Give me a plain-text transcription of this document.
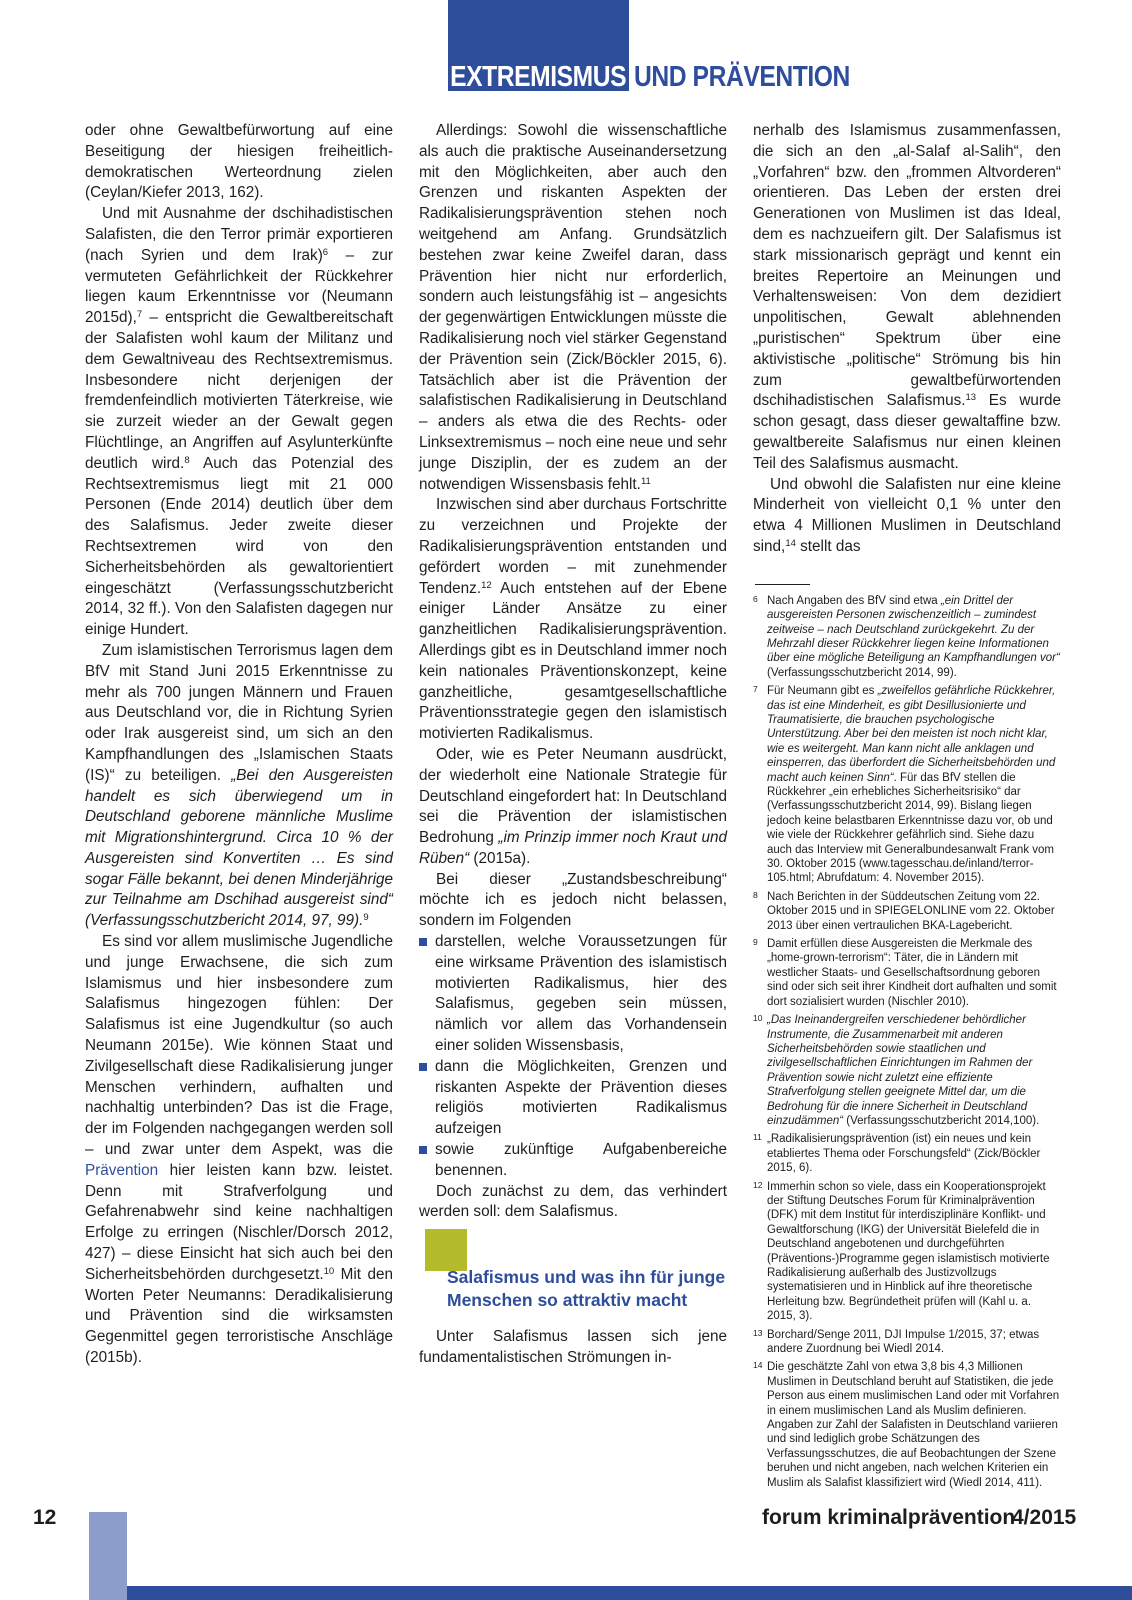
EXTREMISMUS UND PRÄVENTION

oder ohne Gewaltbefürwortung auf eine Beseitigung der hiesigen freiheitlich-demokratischen Werteordnung zielen (Ceylan/Kiefer 2013, 162).

Und mit Ausnahme der dschihadistischen Salafisten, die den Terror primär exportieren (nach Syrien und dem Irak)$^6$ – zur vermuteten Gefährlichkeit der Rückkehrer liegen kaum Erkenntnisse vor (Neumann 2015d),$^7$ – entspricht die Gewaltbereitschaft der Salafisten wohl kaum der Militanz und dem Gewaltniveau des Rechtsextremismus. Insbesondere nicht derjenigen der fremdenfeindlich motivierten Täterkreise, wie sie zurzeit wieder an der Gewalt gegen Flüchtlinge, an Angriffen auf Asylunterkünfte deutlich wird.$^8$ Auch das Potenzial des Rechtsextremismus liegt mit 21 000 Personen (Ende 2014) deutlich über dem des Salafismus. Jeder zweite dieser Rechtsextremen wird von den Sicherheitsbehörden als gewaltorientiert eingeschätzt (Verfassungsschutzbericht 2014, 32 ff.). Von den Salafisten dagegen nur einige Hundert.

Zum islamistischen Terrorismus lagen dem BfV mit Stand Juni 2015 Erkenntnisse zu mehr als 700 jungen Männern und Frauen aus Deutschland vor, die in Richtung Syrien oder Irak ausgereist sind, um sich an den Kampfhandlungen des „Islamischen Staats (IS)“ zu beteiligen. „Bei den Ausgereisten handelt es sich überwiegend um in Deutschland geborene männliche Muslime mit Migrationshintergrund. Circa 10 % der Ausgereisten sind Konvertiten … Es sind sogar Fälle bekannt, bei denen Minderjährige zur Teilnahme am Dschihad ausgereist sind“ (Verfassungsschutzbericht 2014, 97, 99).$^9$

Es sind vor allem muslimische Jugendliche und junge Erwachsene, die sich zum Islamismus und hier insbesondere zum Salafismus hingezogen fühlen: Der Salafismus ist eine Jugendkultur (so auch Neumann 2015e). Wie können Staat und Zivilgesellschaft diese Radikalisierung junger Menschen verhindern, aufhalten und nachhaltig unterbinden? Das ist die Frage, der im Folgenden nachgegangen werden soll – und zwar unter dem Aspekt, was die Prävention hier leisten kann bzw. leistet. Denn mit Strafverfolgung und Gefahrenabwehr sind keine nachhaltigen Erfolge zu erringen (Nischler/Dorsch 2012, 427) – diese Einsicht hat sich auch bei den Sicherheitsbehörden durchgesetzt.$^{10}$ Mit den Worten Peter Neumanns: Deradikalisierung und Prävention sind die wirksamsten Gegenmittel gegen terroristische Anschläge (2015b).

Allerdings: Sowohl die wissenschaftliche als auch die praktische Auseinandersetzung mit den Möglichkeiten, aber auch den Grenzen und riskanten Aspekten der Radikalisierungsprävention stehen noch weitgehend am Anfang. Grundsätzlich bestehen zwar keine Zweifel daran, dass Prävention hier nicht nur erforderlich, sondern auch leistungsfähig ist – angesichts der gegenwärtigen Entwicklungen müsste die Radikalisierung noch viel stärker Gegenstand der Prävention sein (Zick/Böckler 2015, 6). Tatsächlich aber ist die Prävention der salafistischen Radikalisierung in Deutschland – anders als etwa die des Rechts- oder Linksextremismus – noch eine neue und sehr junge Disziplin, der es zudem an der notwendigen Wissensbasis fehlt.$^{11}$

Inzwischen sind aber durchaus Fortschritte zu verzeichnen und Projekte der Radikalisierungsprävention entstanden und gefördert worden – mit zunehmender Tendenz.$^{12}$ Auch entstehen auf der Ebene einiger Länder Ansätze zu einer ganzheitlichen Radikalisierungsprävention. Allerdings gibt es in Deutschland immer noch kein nationales Präventionskonzept, keine ganzheitliche, gesamtgesellschaftliche Präventionsstrategie gegen den islamistisch motivierten Radikalismus.

Oder, wie es Peter Neumann ausdrückt, der wiederholt eine Nationale Strategie für Deutschland eingefordert hat: In Deutschland sei die Prävention der islamistischen Bedrohung „im Prinzip immer noch Kraut und Rüben“ (2015a).

Bei dieser „Zustandsbeschreibung“ möchte ich es jedoch nicht belassen, sondern im Folgenden

darstellen, welche Voraussetzungen für eine wirksame Prävention des islamistisch motivierten Radikalismus, hier des Salafismus, gegeben sein müssen, nämlich vor allem das Vorhandensein einer soliden Wissensbasis,
dann die Möglichkeiten, Grenzen und riskanten Aspekte der Prävention dieses religiös motivierten Radikalismus aufzeigen
sowie zukünftige Aufgabenbereiche benennen.

Doch zunächst zu dem, das verhindert werden soll: dem Salafismus.

Salafismus und was ihn für junge Menschen so attraktiv macht

Unter Salafismus lassen sich jene fundamentalistischen Strömungen in-

nerhalb des Islamismus zusammenfassen, die sich an den „al-Salaf al-Salih“, den „Vorfahren“ bzw. den „frommen Altvorderen“ orientieren. Das Leben der ersten drei Generationen von Muslimen ist das Ideal, dem es nachzueifern gilt. Der Salafismus ist stark missionarisch geprägt und kennt ein breites Repertoire an Meinungen und Verhaltensweisen: Von dem dezidiert unpolitischen, Gewalt ablehnenden „puristischen“ Spektrum über eine aktivistische „politische“ Strömung bis hin zum gewaltbefürwortenden dschihadistischen Salafismus.$^{13}$ Es wurde schon gesagt, dass dieser gewaltaffine bzw. gewaltbereite Salafismus nur einen kleinen Teil des Salafismus ausmacht.

Und obwohl die Salafisten nur eine kleine Minderheit von vielleicht 0,1 % unter den etwa 4 Millionen Muslimen in Deutschland sind,$^{14}$ stellt das

6 Nach Angaben des BfV sind etwa „ein Drittel der ausgereisten Personen zwischenzeitlich – zumindest zeitweise – nach Deutschland zurückgekehrt. Zu der Mehrzahl dieser Rückkehrer liegen keine Informationen über eine mögliche Beteiligung an Kampfhandlungen vor“ (Verfassungsschutzbericht 2014, 99).
7 Für Neumann gibt es „zweifellos gefährliche Rückkehrer, das ist eine Minderheit, es gibt Desillusionierte und Traumatisierte, die brauchen psychologische Unterstützung. Aber bei den meisten ist noch nicht klar, wie es weitergeht. Man kann nicht alle anklagen und einsperren, das überfordert die Sicherheitsbehörden und macht auch keinen Sinn“. Für das BfV stellen die Rückkehrer „ein erhebliches Sicherheitsrisiko“ dar (Verfassungsschutzbericht 2014, 99). Bislang liegen jedoch keine belastbaren Erkenntnisse dazu vor, ob und wie viele der Rückkehrer gefährlich sind. Siehe dazu auch das Interview mit Generalbundesanwalt Frank vom 30. Oktober 2015 (www.tagesschau.de/inland/terror-105.html; Abrufdatum: 4. November 2015).
8 Nach Berichten in der Süddeutschen Zeitung vom 22. Oktober 2015 und in SPIEGELONLINE vom 22. Oktober 2013 über einen vertraulichen BKA-Lagebericht.
9 Damit erfüllen diese Ausgereisten die Merkmale des „home-grown-terrorism“: Täter, die in Ländern mit westlicher Staats- und Gesellschaftsordnung geboren sind oder sich seit ihrer Kindheit dort aufhalten und somit dort sozialisiert wurden (Nischler 2010).
10 „Das Ineinandergreifen verschiedener behördlicher Instrumente, die Zusammenarbeit mit anderen Sicherheitsbehörden sowie staatlichen und zivilgesellschaftlichen Einrichtungen im Rahmen der Prävention sowie nicht zuletzt eine effiziente Strafverfolgung stellen geeignete Mittel dar, um die Bedrohung für die innere Sicherheit in Deutschland einzudämmen“ (Verfassungsschutzbericht 2014,100).
11 „Radikalisierungsprävention (ist) ein neues und kein etabliertes Thema oder Forschungsfeld“ (Zick/Böckler 2015, 6).
12 Immerhin schon so viele, dass ein Kooperationsprojekt der Stiftung Deutsches Forum für Kriminalprävention (DFK) mit dem Institut für interdisziplinäre Konflikt- und Gewaltforschung (IKG) der Universität Bielefeld die in Deutschland angebotenen und durchgeführten (Präventions-)Programme gegen islamistisch motivierte Radikalisierung außerhalb des Justizvollzugs systematisieren und in Hinblick auf ihre theoretische Herleitung bzw. Begründetheit prüfen will (Kahl u. a. 2015, 3).
13 Borchard/Senge 2011, DJI Impulse 1/2015, 37; etwas andere Zuordnung bei Wiedl 2014.
14 Die geschätzte Zahl von etwa 3,8 bis 4,3 Millionen Muslimen in Deutschland beruht auf Statistiken, die jede Person aus einem muslimischen Land oder mit Vorfahren in einem muslimischen Land als Muslim definieren. Angaben zur Zahl der Salafisten in Deutschland variieren und sind lediglich grobe Schätzungen des Verfassungsschutzes, die auf Beobachtungen der Szene beruhen und nicht angeben, nach welchen Kriterien ein Muslim als Salafist klassifiziert wird (Wiedl 2014, 411).
12	forum kriminalprävention
4/2015
